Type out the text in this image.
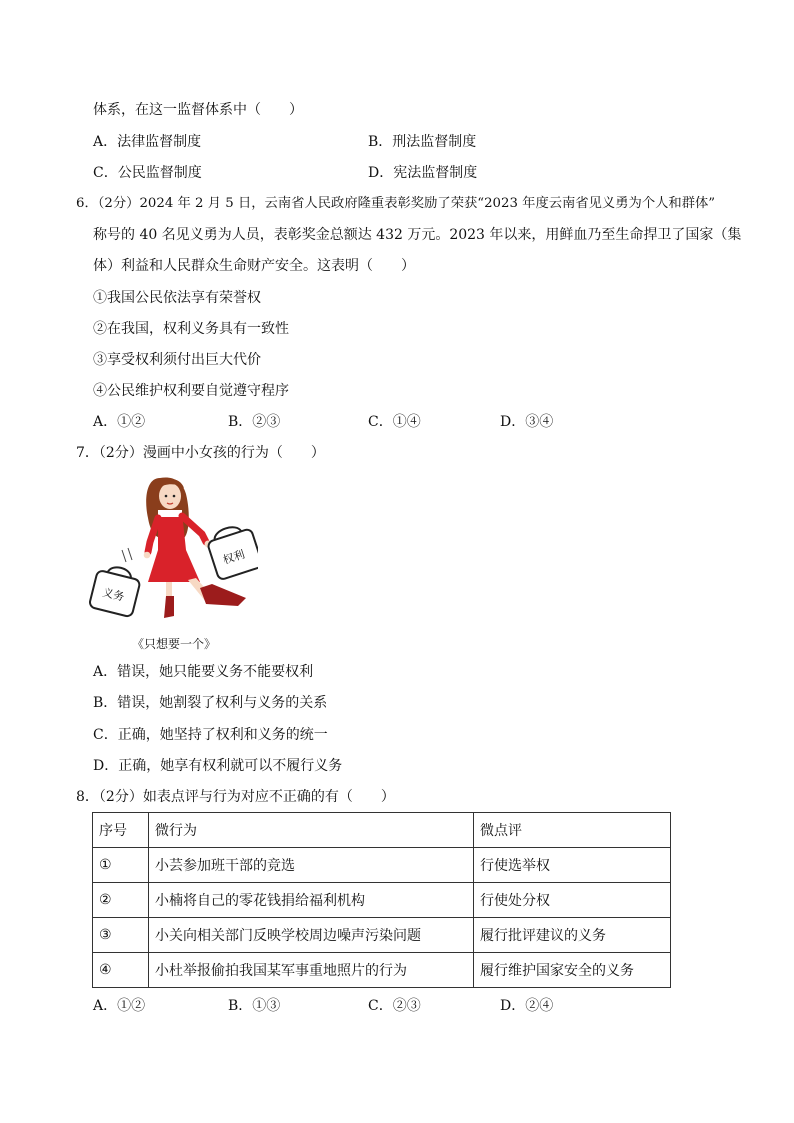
体系，在这一监督体系中（　　）
A．法律监督制度	B．刑法监督制度
C．公民监督制度	D．宪法监督制度
6．（2分）2024 年 2 月 5 日，云南省人民政府隆重表彰奖励了荣获“2023 年度云南省见义勇为个人和群体”
称号的 40 名见义勇为人员，表彰奖金总额达 432 万元。2023 年以来，用鲜血乃至生命捍卫了国家（集
体）利益和人民群众生命财产安全。这表明（　　）
①我国公民依法享有荣誉权
②在我国，权利义务具有一致性
③享受权利须付出巨大代价
④公民维护权利要自觉遵守程序
A．①②	B．②③	C．①④	D．③④
7．（2分）漫画中小女孩的行为（　　）
权利
义务
《只想要一个》
A．错误，她只能要义务不能要权利
B．错误，她割裂了权利与义务的关系
C．正确，她坚持了权利和义务的统一
D．正确，她享有权利就可以不履行义务
8．（2分）如表点评与行为对应不正确的有（　　）
序号	微行为	微点评
①	小芸参加班干部的竞选	行使选举权
②	小楠将自己的零花钱捐给福利机构	行使处分权
③	小关向相关部门反映学校周边噪声污染问题	履行批评建议的义务
④	小杜举报偷拍我国某军事重地照片的行为	履行维护国家安全的义务
A．①②	B．①③	C．②③	D．②④
